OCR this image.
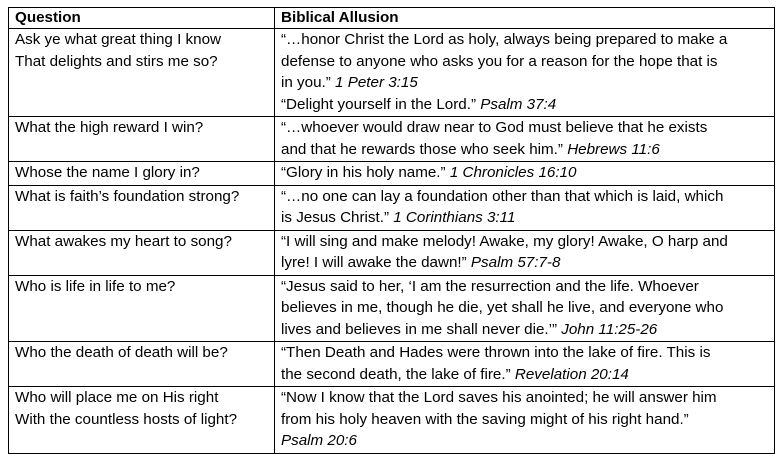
Question	Biblical Allusion

Ask ye what great thing I know
That delights and stirs me so?	“…honor Christ the Lord as holy, always being prepared to make a
defense to anyone who asks you for a reason for the hope that is
in you.” 1 Peter 3:15
“Delight yourself in the Lord.” Psalm 37:4

What the high reward I win?	“…whoever would draw near to God must believe that he exists
and that he rewards those who seek him.” Hebrews 11:6

Whose the name I glory in?	“Glory in his holy name.” 1 Chronicles 16:10

What is faith’s foundation strong?	“…no one can lay a foundation other than that which is laid, which
is Jesus Christ.” 1 Corinthians 3:11

What awakes my heart to song?	“I will sing and make melody! Awake, my glory! Awake, O harp and
lyre! I will awake the dawn!” Psalm 57:7-8

Who is life in life to me?	“Jesus said to her, ‘I am the resurrection and the life. Whoever
believes in me, though he die, yet shall he live, and everyone who
lives and believes in me shall never die.’” John 11:25-26

Who the death of death will be?	“Then Death and Hades were thrown into the lake of fire. This is
the second death, the lake of fire.” Revelation 20:14

Who will place me on His right
With the countless hosts of light?	“Now I know that the Lord saves his anointed; he will answer him
from his holy heaven with the saving might of his right hand.”
Psalm 20:6
